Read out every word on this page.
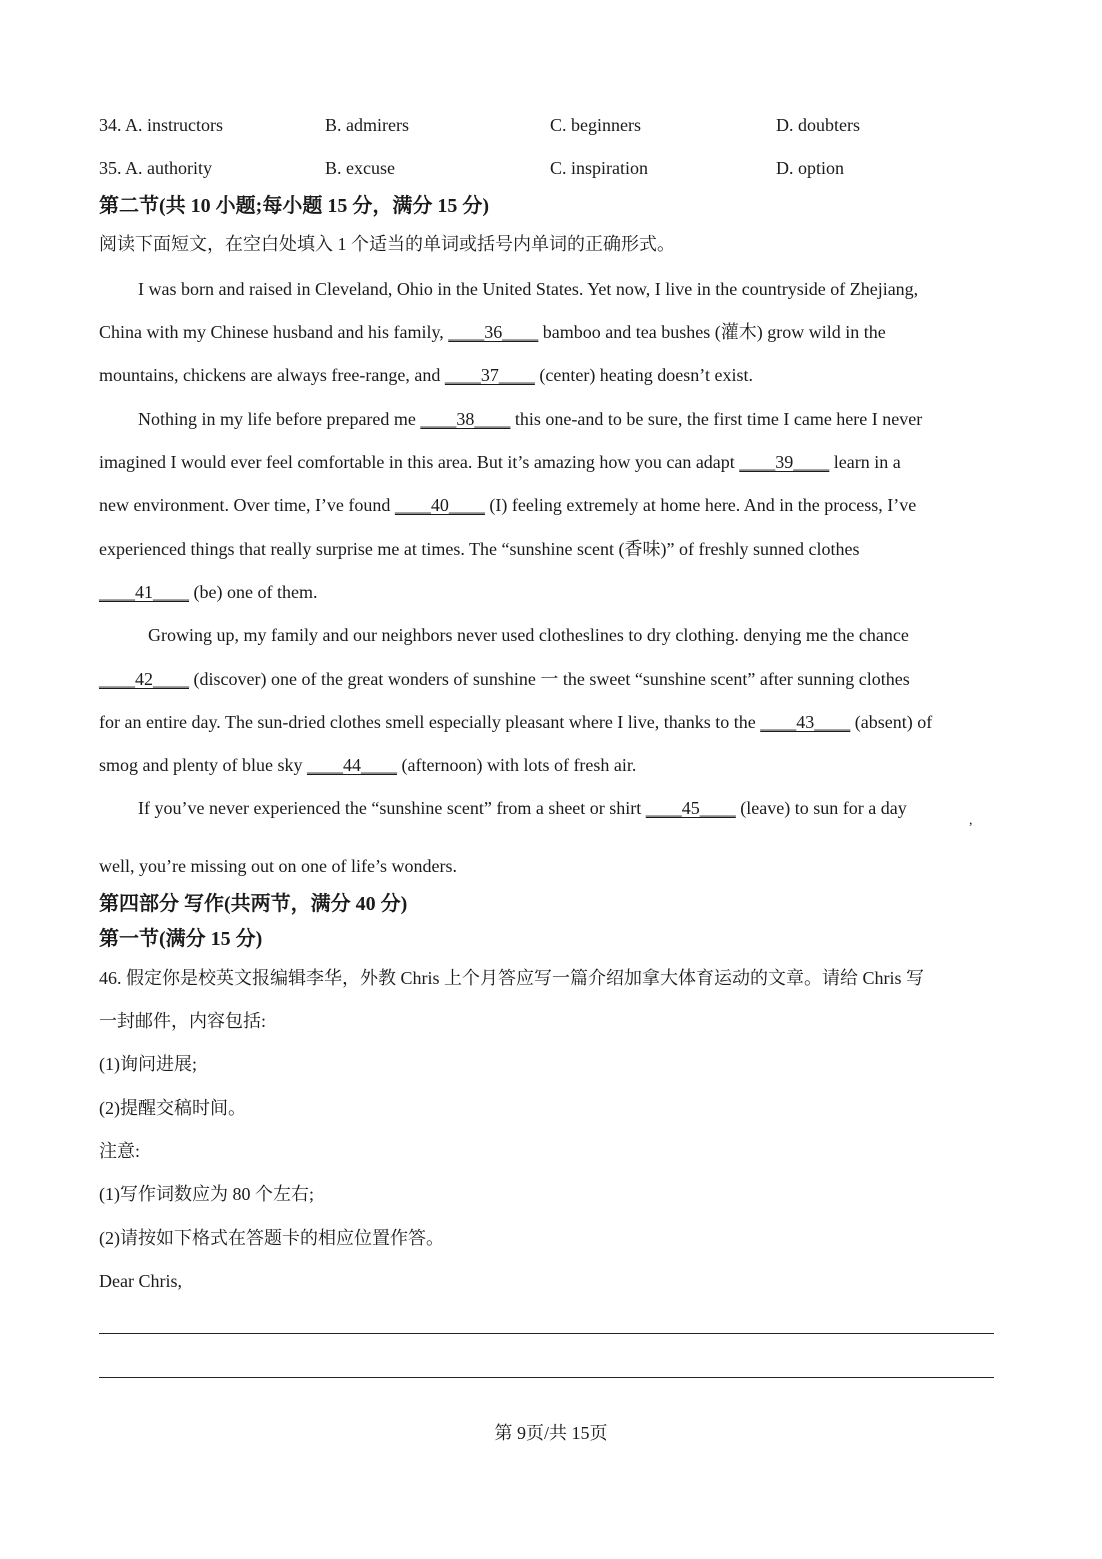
34. A. instructors	B. admirers	C. beginners	D. doubters
35. A. authority	B. excuse	C. inspiration	D. option
第二节(共 10 小题;每小题 15 分，满分 15 分)
阅读下面短文，在空白处填入 1 个适当的单词或括号内单词的正确形式。
I was born and raised in Cleveland, Ohio in the United States. Yet now, I live in the countryside of Zhejiang,
China with my Chinese husband and his family, ____36____ bamboo and tea bushes (灌木) grow wild in the
mountains, chickens are always free-range, and ____37____ (center) heating doesn’t exist.
Nothing in my life before prepared me ____38____ this one-and to be sure, the first time I came here I never
imagined I would ever feel comfortable in this area. But it’s amazing how you can adapt ____39____ learn in a
new environment. Over time, I’ve found ____40____ (I) feeling extremely at home here. And in the process, I’ve
experienced things that really surprise me at times. The “sunshine scent (香味)” of freshly sunned clothes
____41____ (be) one of them.
Growing up, my family and our neighbors never used clotheslines to dry clothing. denying me the chance
____42____ (discover) one of the great wonders of sunshine 一 the sweet “sunshine scent” after sunning clothes
for an entire day. The sun-dried clothes smell especially pleasant where I live, thanks to the ____43____ (absent) of
smog and plenty of blue sky ____44____ (afternoon) with lots of fresh air.
If you’ve never experienced the “sunshine scent” from a sheet or shirt ____45____ (leave) to sun for a day
,
well, you’re missing out on one of life’s wonders.
第四部分 写作(共两节，满分 40 分)
第一节(满分 15 分)
46. 假定你是校英文报编辑李华，外教 Chris 上个月答应写一篇介绍加拿大体育运动的文章。请给 Chris 写
一封邮件，内容包括:
(1)询问进展;
(2)提醒交稿时间。
注意:
(1)写作词数应为 80 个左右;
(2)请按如下格式在答题卡的相应位置作答。
Dear Chris,
第 9页/共 15页
